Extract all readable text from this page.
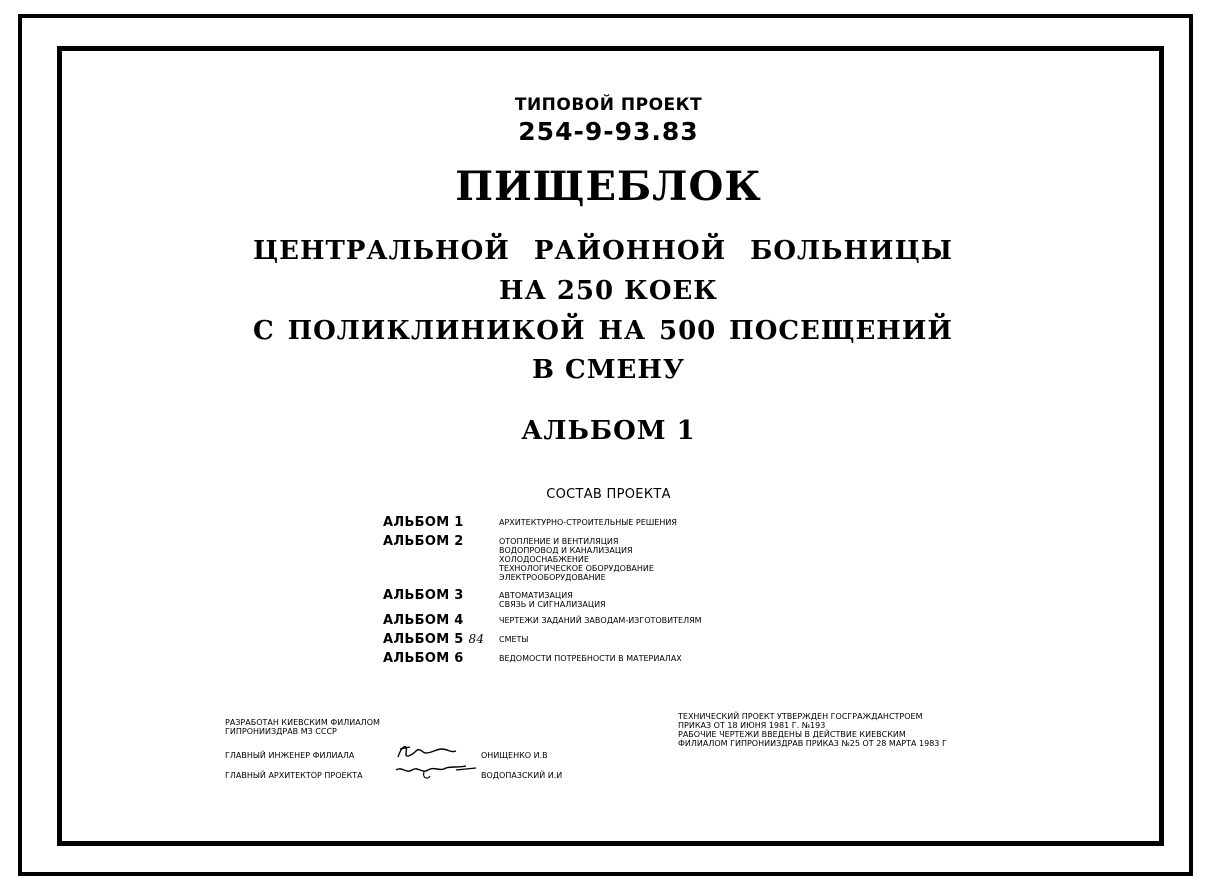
ТИПОВОЙ ПРОЕКТ
254-9-93.83
ПИЩЕБЛОК
ЦЕНТРАЛЬНОЙ РАЙОННОЙ БОЛЬНИЦЫ
НА 250 КОЕК
С ПОЛИКЛИНИКОЙ НА 500 ПОСЕЩЕНИЙ
В СМЕНУ
АЛЬБОМ 1
СОСТАВ ПРОЕКТА
АЛЬБОМ 1	АРХИТЕКТУРНО-СТРОИТЕЛЬНЫЕ РЕШЕНИЯ
АЛЬБОМ 2	ОТОПЛЕНИЕ И ВЕНТИЛЯЦИЯ
ВОДОПРОВОД И КАНАЛИЗАЦИЯ
ХОЛОДОСНАБЖЕНИЕ
ТЕХНОЛОГИЧЕСКОЕ ОБОРУДОВАНИЕ
ЭЛЕКТРООБОРУДОВАНИЕ
АЛЬБОМ 3	АВТОМАТИЗАЦИЯ
СВЯЗЬ И СИГНАЛИЗАЦИЯ
АЛЬБОМ 4	ЧЕРТЕЖИ ЗАДАНИЙ ЗАВОДАМ-ИЗГОТОВИТЕЛЯМ
АЛЬБОМ 5 84	СМЕТЫ
АЛЬБОМ 6	ВЕДОМОСТИ ПОТРЕБНОСТИ В МАТЕРИАЛАХ
РАЗРАБОТАН КИЕВСКИМ ФИЛИАЛОМ
ГИПРОНИИЗДРАВ МЗ СССР
ГЛАВНЫЙ ИНЖЕНЕР ФИЛИАЛА	ОНИЩЕНКО И.В
ГЛАВНЫЙ АРХИТЕКТОР ПРОЕКТА	ВОДОПАЗСКИЙ И.И
ТЕХНИЧЕСКИЙ ПРОЕКТ УТВЕРЖДЕН ГОСГРАЖДАНСТРОЕМ
ПРИКАЗ ОТ 18 ИЮНЯ 1981 Г. №193
РАБОЧИЕ ЧЕРТЕЖИ ВВЕДЕНЫ В ДЕЙСТВИЕ КИЕВСКИМ
ФИЛИАЛОМ ГИПРОНИИЗДРАВ ПРИКАЗ №25 ОТ 28 МАРТА 1983 Г
